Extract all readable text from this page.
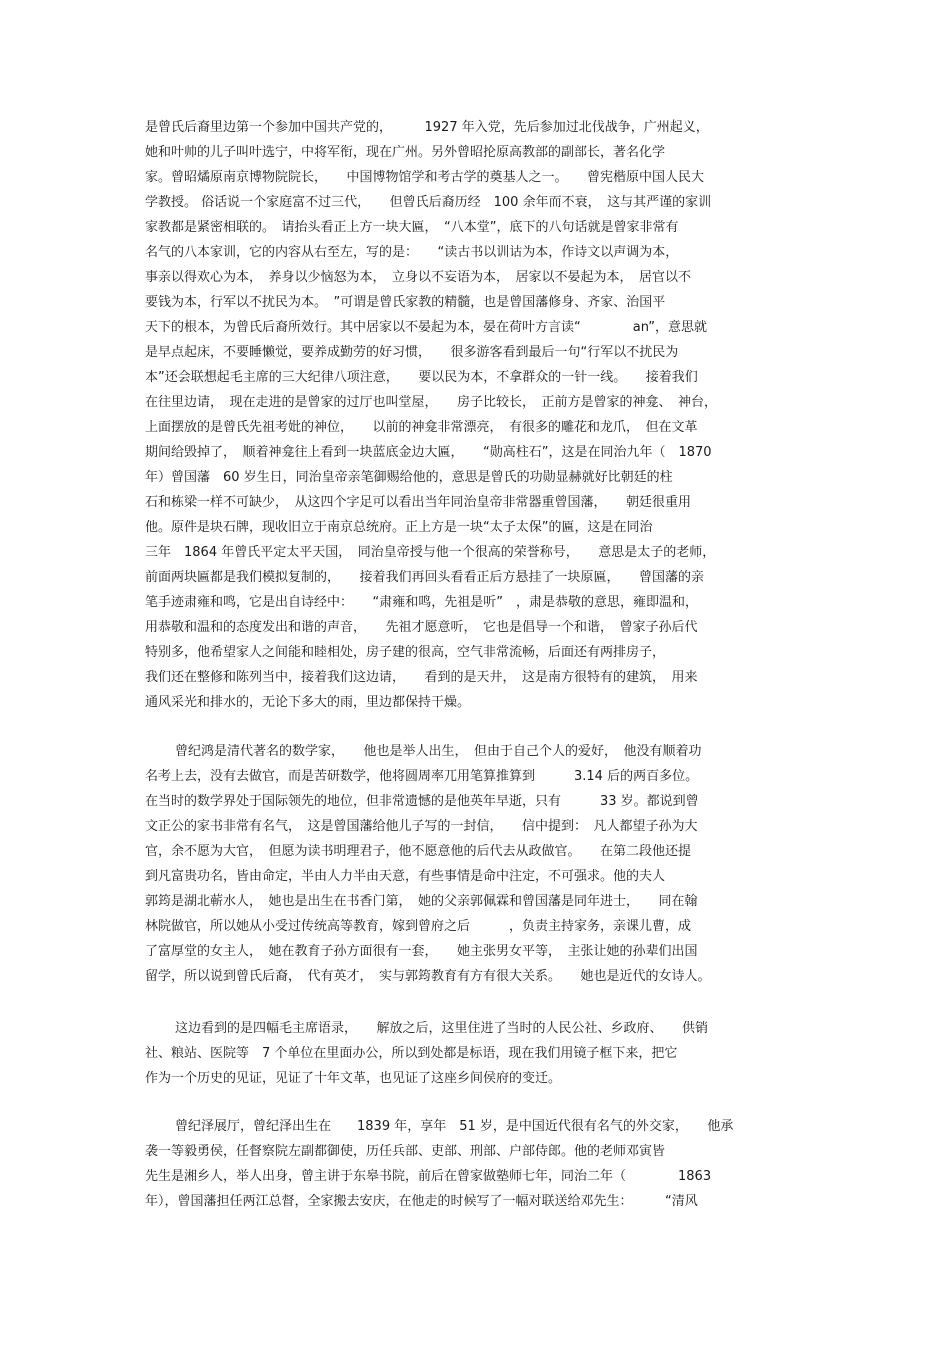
是曾氏后裔里边第一个参加中国共产党的，　　　1927 年入党，先后参加过北伐战争，广州起义，
她和叶帅的儿子叫叶选宁，中将军衔，现在广州。另外曾昭抡原高教部的副部长，著名化学
家。曾昭燏原南京博物院院长，　　中国博物馆学和考古学的奠基人之一。　　曾宪楷原中国人民大
学教授。 俗话说一个家庭富不过三代，　　但曾氏后裔历经　100 余年而不衰，　这与其严谨的家训
家教都是紧密相联的。　请抬头看正上方一块大匾，　“八本堂”，底下的八句话就是曾家非常有
名气的八本家训，它的内容从右至左，写的是：　　“读古书以训诂为本，作诗文以声调为本，
事亲以得欢心为本，　养身以少恼怒为本，　立身以不妄语为本，　居家以不晏起为本，　居官以不
要钱为本，行军以不扰民为本。　”可谓是曾氏家教的精髓，也是曾国藩修身、齐家、治国平
天下的根本，为曾氏后裔所效行。其中居家以不晏起为本，晏在荷叶方言读“　　　　an”，意思就
是早点起床，不要睡懒觉，要养成勤劳的好习惯，　　很多游客看到最后一句“行军以不扰民为
本”还会联想起毛主席的三大纪律八项注意，　　要以民为本，不拿群众的一针一线。　　接着我们
在往里边请，　现在走进的是曾家的过厅也叫堂屋，　　房子比较长，　正前方是曾家的神龛、　神台，
上面摆放的是曾氏先祖考妣的神位，　　以前的神龛非常漂亮，　有很多的雕花和龙爪，　但在文革
期间给毁掉了，　顺着神龛往上看到一块蓝底金边大匾，　　“勋高柱石”，这是在同治九年（　1870
年）曾国藩　60 岁生日，同治皇帝亲笔御赐给他的，意思是曾氏的功勋显赫就好比朝廷的柱
石和栋梁一样不可缺少，　从这四个字足可以看出当年同治皇帝非常器重曾国藩，　　朝廷很重用
他。原件是块石牌，现收旧立于南京总统府。正上方是一块“太子太保”的匾，这是在同治
三年　1864 年曾氏平定太平天国，　同治皇帝授与他一个很高的荣誉称号，　　意思是太子的老师，
前面两块匾都是我们模拟复制的，　　接着我们再回头看看正后方悬挂了一块原匾，　　曾国藩的亲
笔手迹肃雍和鸣，它是出自诗经中：　　“肃雍和鸣，先祖是听”　，肃是恭敬的意思，雍即温和，
用恭敬和温和的态度发出和谐的声音，　　先祖才愿意听，　它也是倡导一个和谐，　曾家子孙后代
特别多，他希望家人之间能和睦相处，房子建的很高，空气非常流畅，后面还有两排房子，
我们还在整修和陈列当中，接着我们这边请，　　看到的是天井，　这是南方很特有的建筑，　用来
通风采光和排水的，无论下多大的雨，里边都保持干燥。
曾纪鸿是清代著名的数学家，　　他也是举人出生，　但由于自己个人的爱好，　他没有顺着功
名考上去，没有去做官，而是苦研数学，他将圆周率兀用笔算推算到　　　3.14 后的两百多位。
在当时的数学界处于国际领先的地位，但非常遗憾的是他英年早逝，只有　　　33 岁。都说到曾
文正公的家书非常有名气，　这是曾国藩给他儿子写的一封信，　　信中提到：　凡人都望子孙为大
官，余不愿为大官，　但愿为读书明理君子，他不愿意他的后代去从政做官。　　在第二段他还提
到凡富贵功名，皆由命定，半由人力半由天意，有些事情是命中注定，不可强求。他的夫人
郭筠是湖北蕲水人，　她也是出生在书香门第，　她的父亲郭佩霖和曾国藩是同年进士，　　同在翰
林院做官，所以她从小受过传统高等教育，嫁到曾府之后　　　，负责主持家务，亲课儿曹，成
了富厚堂的女主人，　她在教育子孙方面很有一套，　　她主张男女平等，　主张让她的孙辈们出国
留学，所以说到曾氏后裔，　代有英才，　实与郭筠教育有方有很大关系。　　她也是近代的女诗人。
这边看到的是四幅毛主席语录，　　解放之后，这里住进了当时的人民公社、乡政府、　　供销
社、粮站、医院等　7 个单位在里面办公，所以到处都是标语，现在我们用镜子框下来，把它
作为一个历史的见证，见证了十年文革，也见证了这座乡间侯府的变迁。
曾纪泽展厅，曾纪泽出生在　　1839 年，享年　51 岁，是中国近代很有名气的外交家，　　他承
袭一等毅勇侯，任督察院左副都御使，历任兵部、吏部、刑部、户部侍郎。他的老师邓寅皆
先生是湘乡人，举人出身，曾主讲于东皋书院，前后在曾家做塾师七年，同治二年（　　　　1863
年），曾国藩担任两江总督，全家搬去安庆，在他走的时候写了一幅对联送给邓先生：　　　“清风
